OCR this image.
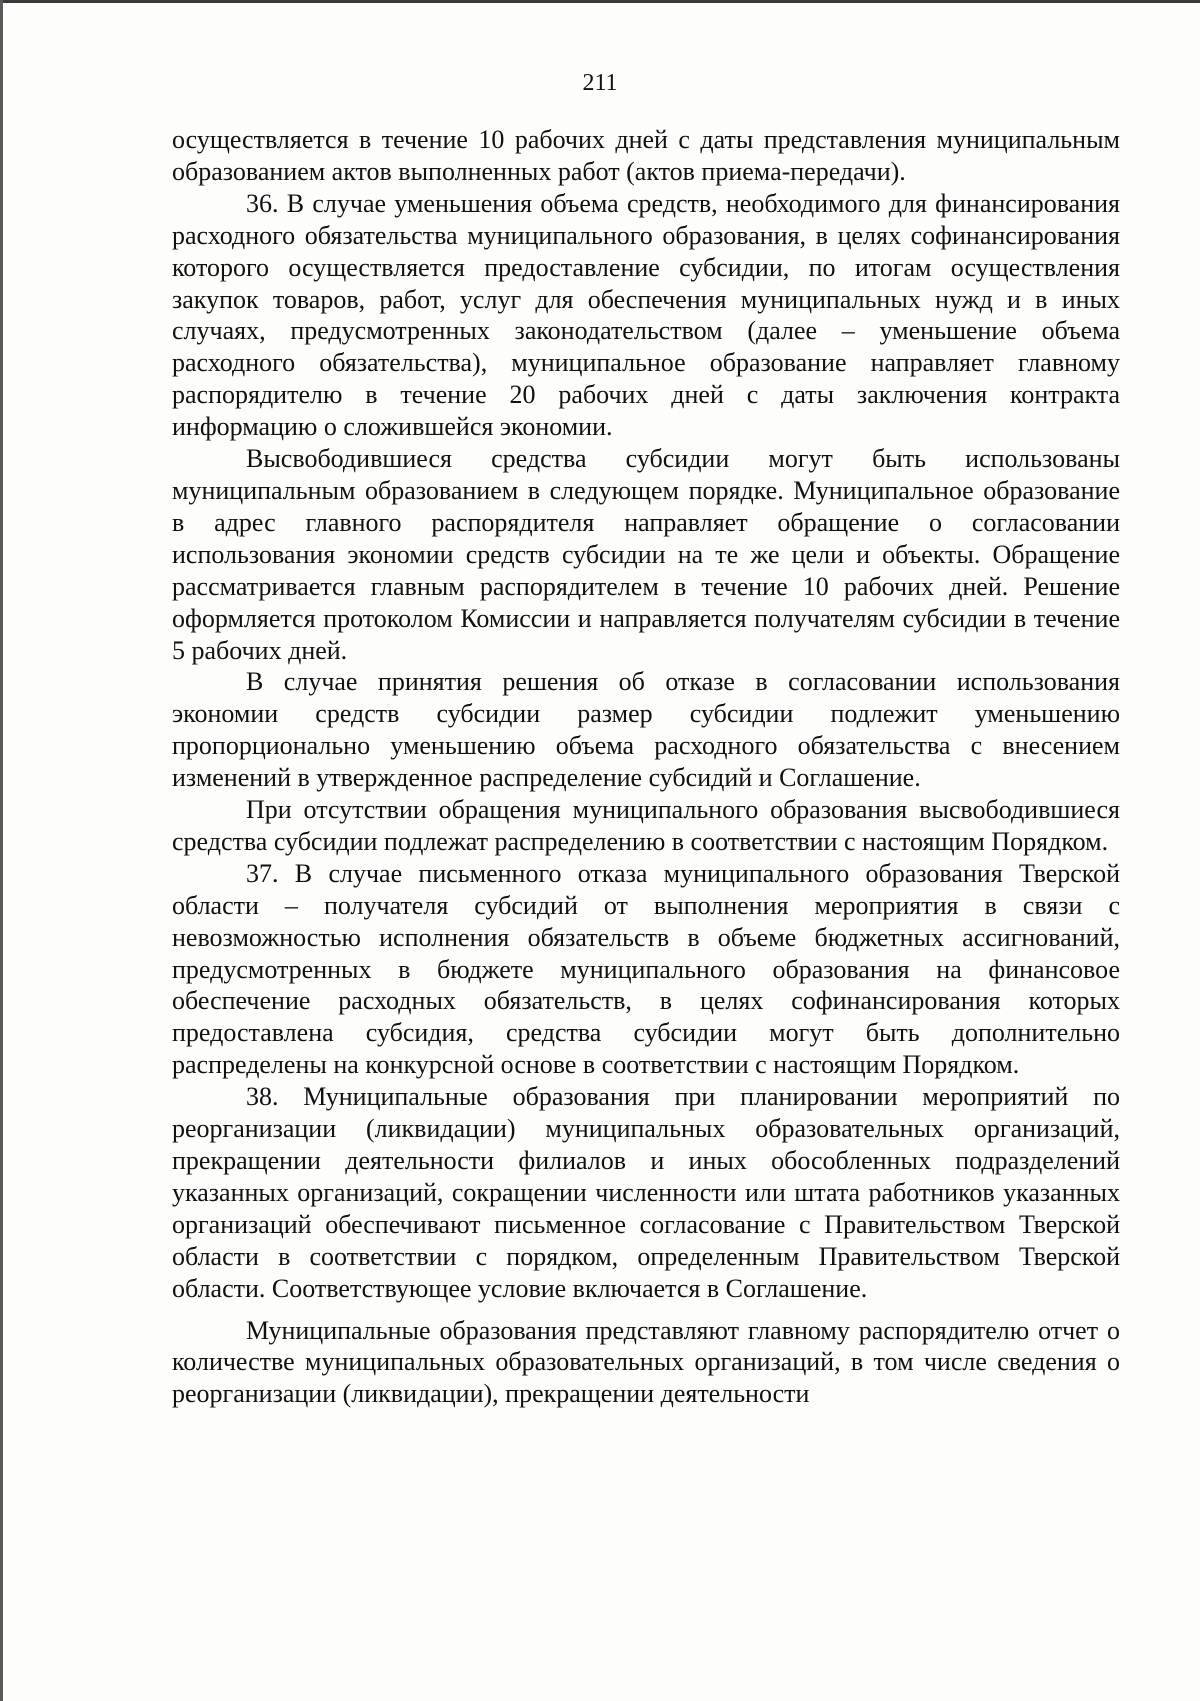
211

осуществляется в течение 10 рабочих дней с даты представления муниципальным образованием актов выполненных работ (актов приема-передачи).

36. В случае уменьшения объема средств, необходимого для финансирования расходного обязательства муниципального образования, в целях софинансирования которого осуществляется предоставление субсидии, по итогам осуществления закупок товаров, работ, услуг для обеспечения муниципальных нужд и в иных случаях, предусмотренных законодательством (далее – уменьшение объема расходного обязательства), муниципальное образование направляет главному распорядителю в течение 20 рабочих дней с даты заключения контракта информацию о сложившейся экономии.

Высвободившиеся средства субсидии могут быть использованы муниципальным образованием в следующем порядке. Муниципальное образование в адрес главного распорядителя направляет обращение о согласовании использования экономии средств субсидии на те же цели и объекты. Обращение рассматривается главным распорядителем в течение 10 рабочих дней. Решение оформляется протоколом Комиссии и направляется получателям субсидии в течение 5 рабочих дней.

В случае принятия решения об отказе в согласовании использования экономии средств субсидии размер субсидии подлежит уменьшению пропорционально уменьшению объема расходного обязательства с внесением изменений в утвержденное распределение субсидий и Соглашение.

При отсутствии обращения муниципального образования высвободившиеся средства субсидии подлежат распределению в соответствии с настоящим Порядком.

37. В случае письменного отказа муниципального образования Тверской области – получателя субсидий от выполнения мероприятия в связи с невозможностью исполнения обязательств в объеме бюджетных ассигнований, предусмотренных в бюджете муниципального образования на финансовое обеспечение расходных обязательств, в целях софинансирования которых предоставлена субсидия, средства субсидии могут быть дополнительно распределены на конкурсной основе в соответствии с настоящим Порядком.

38. Муниципальные образования при планировании мероприятий по реорганизации (ликвидации) муниципальных образовательных организаций, прекращении деятельности филиалов и иных обособленных подразделений указанных организаций, сокращении численности или штата работников указанных организаций обеспечивают письменное согласование с Правительством Тверской области в соответствии с порядком, определенным Правительством Тверской области. Соответствующее условие включается в Соглашение.

Муниципальные образования представляют главному распорядителю отчет о количестве муниципальных образовательных организаций, в том числе сведения о реорганизации (ликвидации), прекращении деятельности
